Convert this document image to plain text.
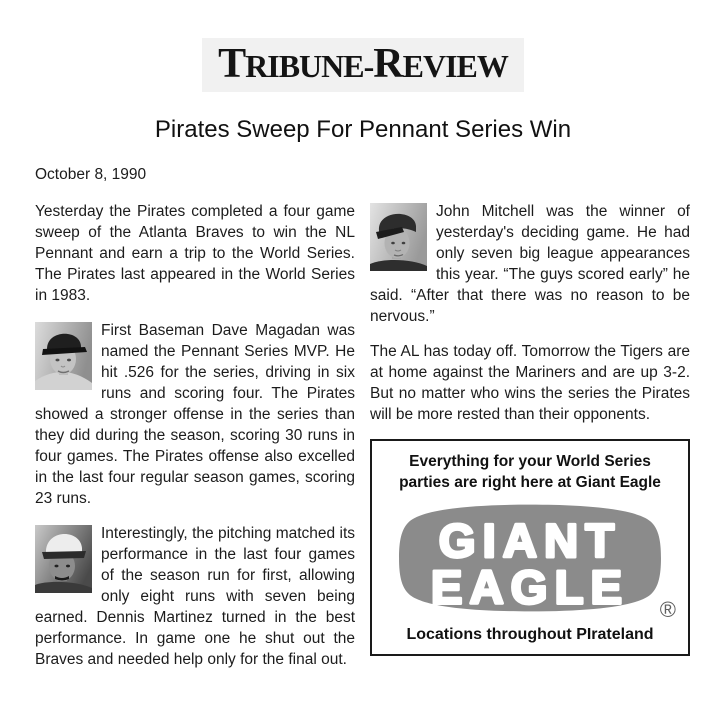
TRIBUNE-REVIEW
Pirates Sweep For Pennant Series Win
October 8, 1990
Yesterday the Pirates completed a four game sweep of the Atlanta Braves to win the NL Pennant and earn a trip to the World Series. The Pirates last appeared in the World Series in 1983.
First Baseman Dave Magadan was named the Pennant Series MVP. He hit .526 for the series, driving in six runs and scoring four. The Pirates showed a stronger offense in the series than they did during the season, scoring 30 runs in four games. The Pirates offense also excelled in the last four regular season games, scoring 23 runs.
Interestingly, the pitching matched its performance in the last four games of the season run for first, allowing only eight runs with seven being earned. Dennis Martinez turned in the best performance. In game one he shut out the Braves and needed help only for the final out.
John Mitchell was the winner of yesterday's deciding game. He had only seven big league appearances this year. “The guys scored early” he said. “After that there was no reason to be nervous.”
The AL has today off. Tomorrow the Tigers are at home against the Mariners and are up 3-2. But no matter who wins the series the Pirates will be more rested than their opponents.
Everything for your World Series
parties are right here at Giant Eagle
GIANT
EAGLE ®
Locations throughout PIrateland
